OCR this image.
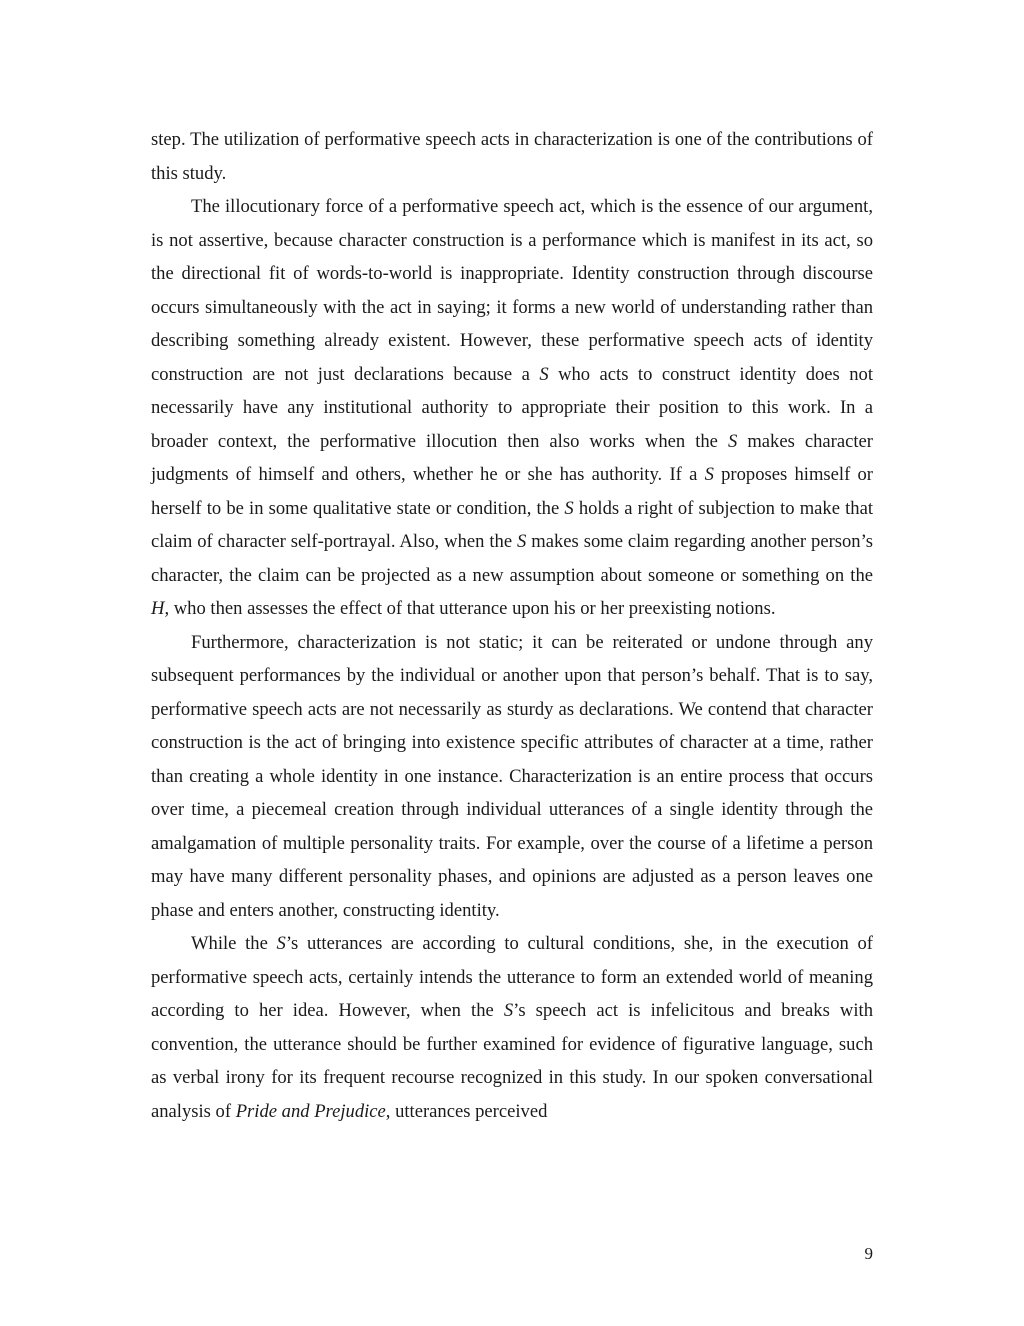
step. The utilization of performative speech acts in characterization is one of the contributions of this study.

The illocutionary force of a performative speech act, which is the essence of our argument, is not assertive, because character construction is a performance which is manifest in its act, so the directional fit of words-to-world is inappropriate. Identity construction through discourse occurs simultaneously with the act in saying; it forms a new world of understanding rather than describing something already existent. However, these performative speech acts of identity construction are not just declarations because a S who acts to construct identity does not necessarily have any institutional authority to appropriate their position to this work. In a broader context, the performative illocution then also works when the S makes character judgments of himself and others, whether he or she has authority. If a S proposes himself or herself to be in some qualitative state or condition, the S holds a right of subjection to make that claim of character self-portrayal. Also, when the S makes some claim regarding another person’s character, the claim can be projected as a new assumption about someone or something on the H, who then assesses the effect of that utterance upon his or her preexisting notions.

Furthermore, characterization is not static; it can be reiterated or undone through any subsequent performances by the individual or another upon that person’s behalf. That is to say, performative speech acts are not necessarily as sturdy as declarations. We contend that character construction is the act of bringing into existence specific attributes of character at a time, rather than creating a whole identity in one instance. Characterization is an entire process that occurs over time, a piecemeal creation through individual utterances of a single identity through the amalgamation of multiple personality traits. For example, over the course of a lifetime a person may have many different personality phases, and opinions are adjusted as a person leaves one phase and enters another, constructing identity.

While the S’s utterances are according to cultural conditions, she, in the execution of performative speech acts, certainly intends the utterance to form an extended world of meaning according to her idea. However, when the S’s speech act is infelicitous and breaks with convention, the utterance should be further examined for evidence of figurative language, such as verbal irony for its frequent recourse recognized in this study. In our spoken conversational analysis of Pride and Prejudice, utterances perceived

9
